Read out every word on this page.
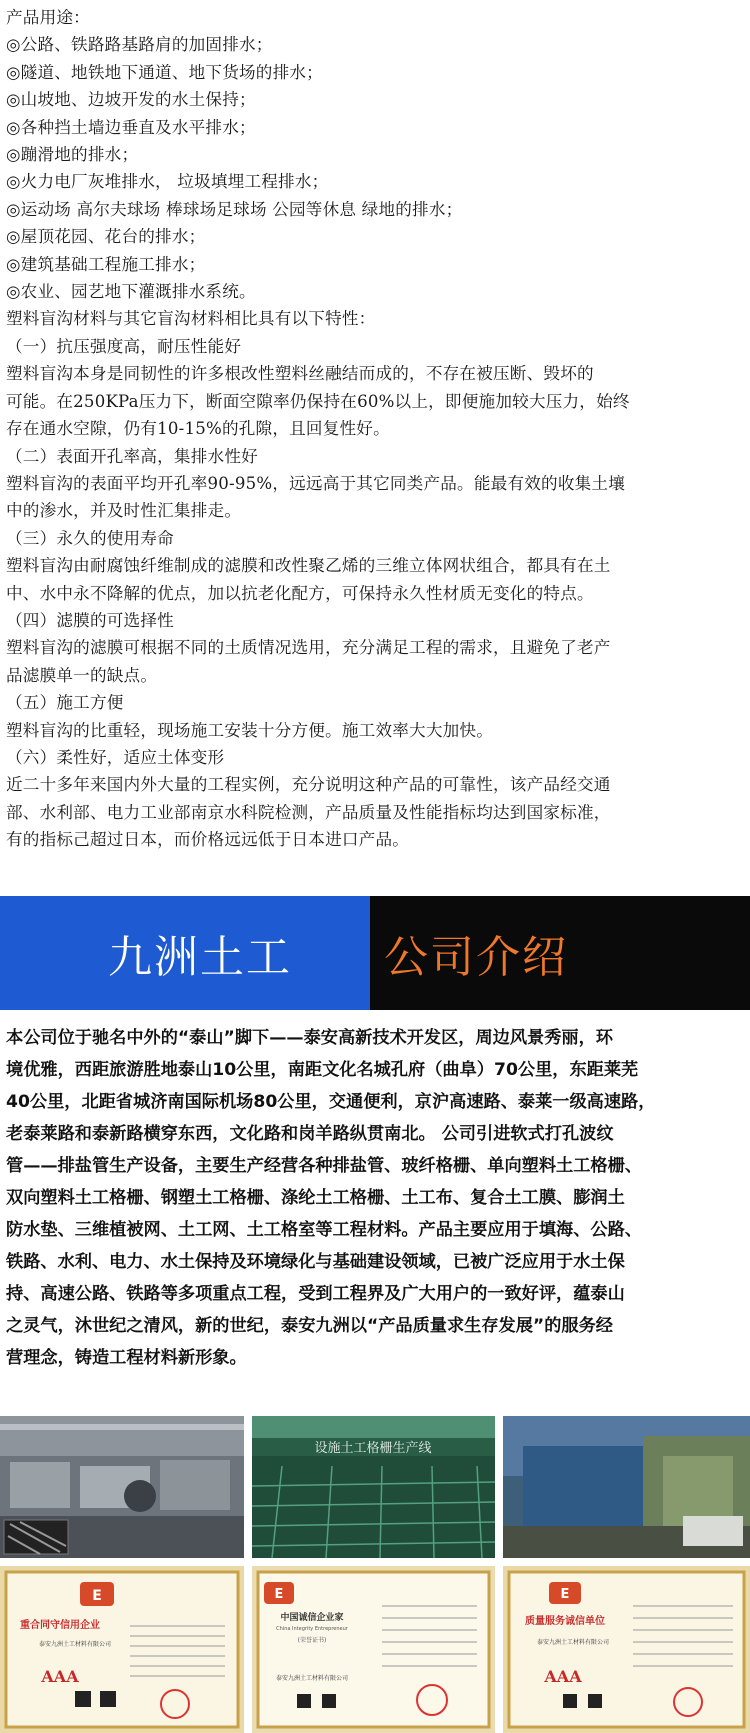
产品用途：

◎公路、铁路路基路肩的加固排水；

◎隧道、地铁地下通道、地下货场的排水；

◎山坡地、边坡开发的水土保持；

◎各种挡土墙边垂直及水平排水；

◎蹦滑地的排水；

◎火力电厂灰堆排水， 垃圾填埋工程排水；

◎运动场 高尔夫球场 棒球场足球场 公园等休息 绿地的排水；

◎屋顶花园、花台的排水；

◎建筑基础工程施工排水；

◎农业、园艺地下灌溉排水系统。

塑料盲沟材料与其它盲沟材料相比具有以下特性：

（一）抗压强度高，耐压性能好

塑料盲沟本身是同韧性的许多根改性塑料丝融结而成的，不存在被压断、毁坏的

可能。在250KPa压力下，断面空隙率仍保持在60%以上，即便施加较大压力，始终

存在通水空隙，仍有10-15%的孔隙，且回复性好。

（二）表面开孔率高，集排水性好

塑料盲沟的表面平均开孔率90-95%，远远高于其它同类产品。能最有效的收集土壤

中的渗水，并及时性汇集排走。

（三）永久的使用寿命

塑料盲沟由耐腐蚀纤维制成的滤膜和改性聚乙烯的三维立体网状组合，都具有在土

中、水中永不降解的优点，加以抗老化配方，可保持永久性材质无变化的特点。

（四）滤膜的可选择性

塑料盲沟的滤膜可根据不同的土质情况选用，充分满足工程的需求，且避免了老产

品滤膜单一的缺点。

（五）施工方便

塑料盲沟的比重轻，现场施工安装十分方便。施工效率大大加快。

（六）柔性好，适应土体变形

近二十多年来国内外大量的工程实例，充分说明这种产品的可靠性，该产品经交通

部、水利部、电力工业部南京水科院检测，产品质量及性能指标均达到国家标准，

有的指标己超过日本，而价格远远低于日本进口产品。

九洲土工	公司介绍

本公司位于驰名中外的“泰山”脚下——泰安高新技术开发区，周边风景秀丽，环

境优雅，西距旅游胜地泰山10公里，南距文化名城孔府（曲阜）70公里，东距莱芜

40公里，北距省城济南国际机场80公里，交通便利，京沪高速路、泰莱一级高速路，

老泰莱路和泰新路横穿东西，文化路和岗羊路纵贯南北。 公司引进软式打孔波纹

管——排盐管生产设备，主要生产经营各种排盐管、玻纤格栅、单向塑料土工格栅、

双向塑料土工格栅、钢塑土工格栅、涤纶土工格栅、土工布、复合土工膜、膨润土

防水垫、三维植被网、土工网、土工格室等工程材料。产品主要应用于填海、公路、

铁路、水利、电力、水土保持及环境绿化与基础建设领域，已被广泛应用于水土保

持、高速公路、铁路等多项重点工程，受到工程界及广大用户的一致好评，蕴泰山

之灵气，沐世纪之清风，新的世纪，泰安九洲以“产品质量求生存发展”的服务经

营理念，铸造工程材料新形象。

设施土工格栅生产线
E
重合同守信用企业
泰安九洲土工材料有限公司
AAA
E
中国诚信企业家
China Integrity Entrepreneur
(荣誉证书)
泰安九洲土工材料有限公司
E
质量服务诚信单位
泰安九洲土工材料有限公司
AAA
